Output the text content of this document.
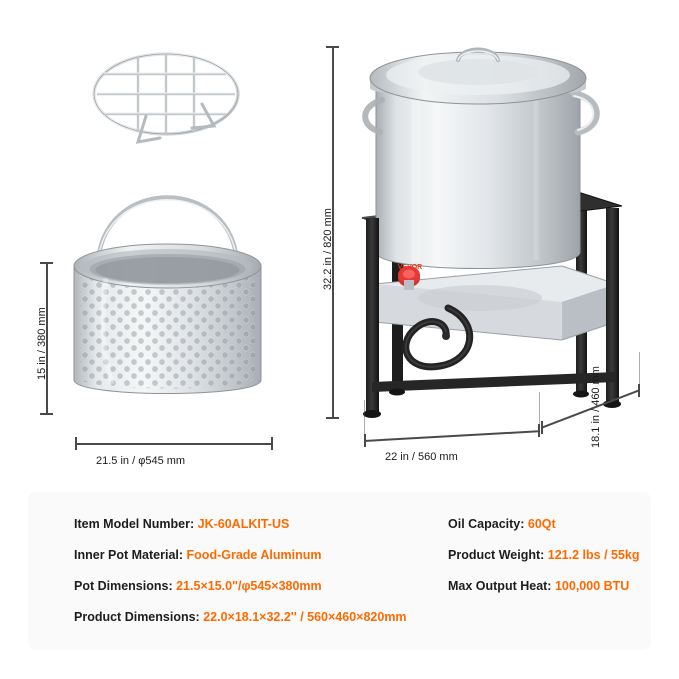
15 in / 380 mm
21.5 in / φ545 mm
VEVOR
32.2 in / 820 mm
22 in / 560 mm
18.1 in / 460 mm
Item Model Number: JK-60ALKIT-US
Inner Pot Material: Food-Grade Aluminum
Pot Dimensions: 21.5×15.0"/φ545×380mm
Product Dimensions: 22.0×18.1×32.2'' / 560×460×820mm
Oil Capacity: 60Qt
Product Weight: 121.2 lbs / 55kg
Max Output Heat: 100,000 BTU
